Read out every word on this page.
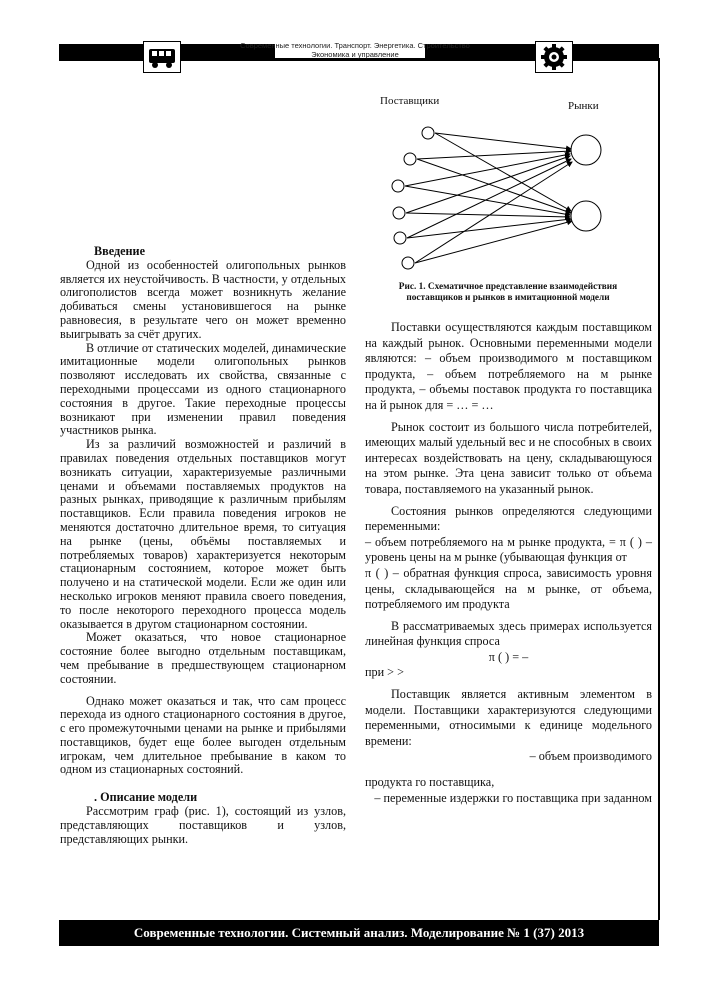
Современные технологии. Транспорт. Энергетика. Строительство
Экономика и управление
Поставщики	Рынки
Рис. 1. Схематичное представление взаимодействия поставщиков и рынков в имитационной модели

Введение

Одной из особенностей олигопольных рынков является их неустойчивость. В частности, у отдельных олигополистов всегда может возникнуть желание добиваться смены установившегося на рынке равновесия, в результате чего он может временно выигрывать за счёт других.

В отличие от статических моделей, динамические имитационные модели олигопольных рынков позволяют исследовать их свойства, связанные с переходными процессами из одного стационарного состояния в другое. Такие переходные процессы возникают при изменении правил поведения участников рынка.

Из за различий возможностей и различий в правилах поведения отдельных поставщиков могут возникать ситуации, характеризуемые различными ценами и объемами поставляемых продуктов на разных рынках, приводящие к различным прибылям поставщиков. Если правила поведения игроков не меняются достаточно длительное время, то ситуация на рынке (цены, объёмы поставляемых и потребляемых товаров) характеризуется некоторым стационарным состоянием, которое может быть получено и на статической модели. Если же один или несколько игроков меняют правила своего поведения, то после некоторого переходного процесса модель оказывается в другом стационарном состоянии.

Может оказаться, что новое стационарное состояние более выгодно отдельным поставщикам, чем пребывание в предшествующем стационарном состоянии.

Однако может оказаться и так, что сам процесс перехода из одного стационарного состояния в другое, с его промежуточными ценами на рынке и прибылями поставщиков, будет еще более выгоден отдельным игрокам, чем длительное пребывание в каком то одном из стационарных состояний.

. Описание модели

Рассмотрим граф (рис. 1), состоящий из узлов, представляющих поставщиков и узлов, представляющих рынки.

Поставки осуществляются каждым поставщиком на каждый рынок. Основными переменными модели являются: – объем производимого м поставщиком продукта, – объем потребляемого на м рынке продукта, – объемы поставок продукта го поставщика на й рынок для = … = …

Рынок состоит из большого числа потребителей, имеющих малый удельный вес и не способных в своих интересах воздействовать на цену, складывающуюся на этом рынке. Эта цена зависит только от объема товара, поставляемого на указанный рынок.

Состояния рынков определяются следующими переменными:

– объем потребляемого на м рынке продукта, = π ( ) – уровень цены на м рынке (убывающая функция от

π ( ) – обратная функция спроса, зависимость уровня цены, складывающейся на м рынке, от объема, потребляемого им продукта

В рассматриваемых здесь примерах используется линейная функция спроса

π ( ) = –

при > >

Поставщик является активным элементом в модели. Поставщики характеризуются следующими переменными, относимыми к единице модельного времени:

– объем производимого

продукта го поставщика,

– переменные издержки го поставщика при заданном

Современные технологии. Системный анализ. Моделирование № 1 (37) 2013
